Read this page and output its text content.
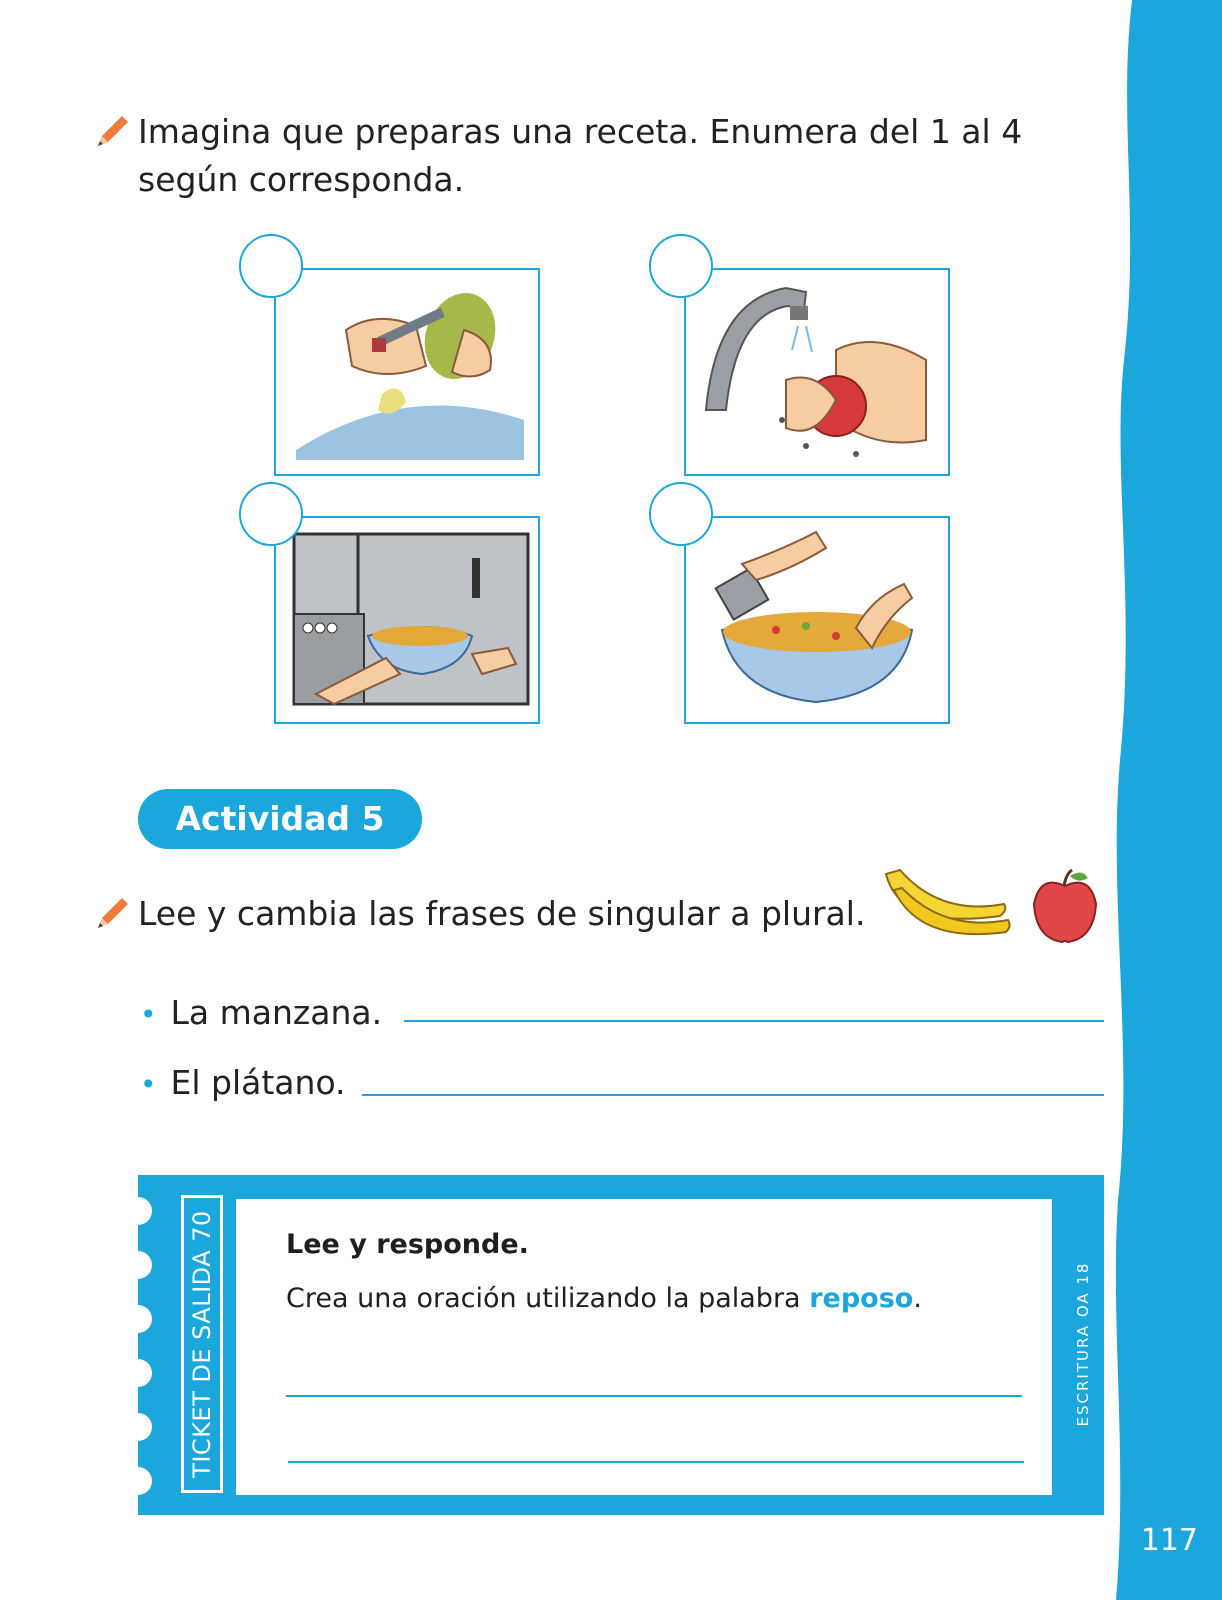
117
Imagina que preparas una receta. Enumera del 1 al 4
según corresponda.
Actividad 5
Lee y cambia las frases de singular a plural.
• La manzana.
• El plátano.
TICKET DE SALIDA 70	Lee y responde.
Crea una oración utilizando la palabra reposo.	ESCRITURA OA 18
